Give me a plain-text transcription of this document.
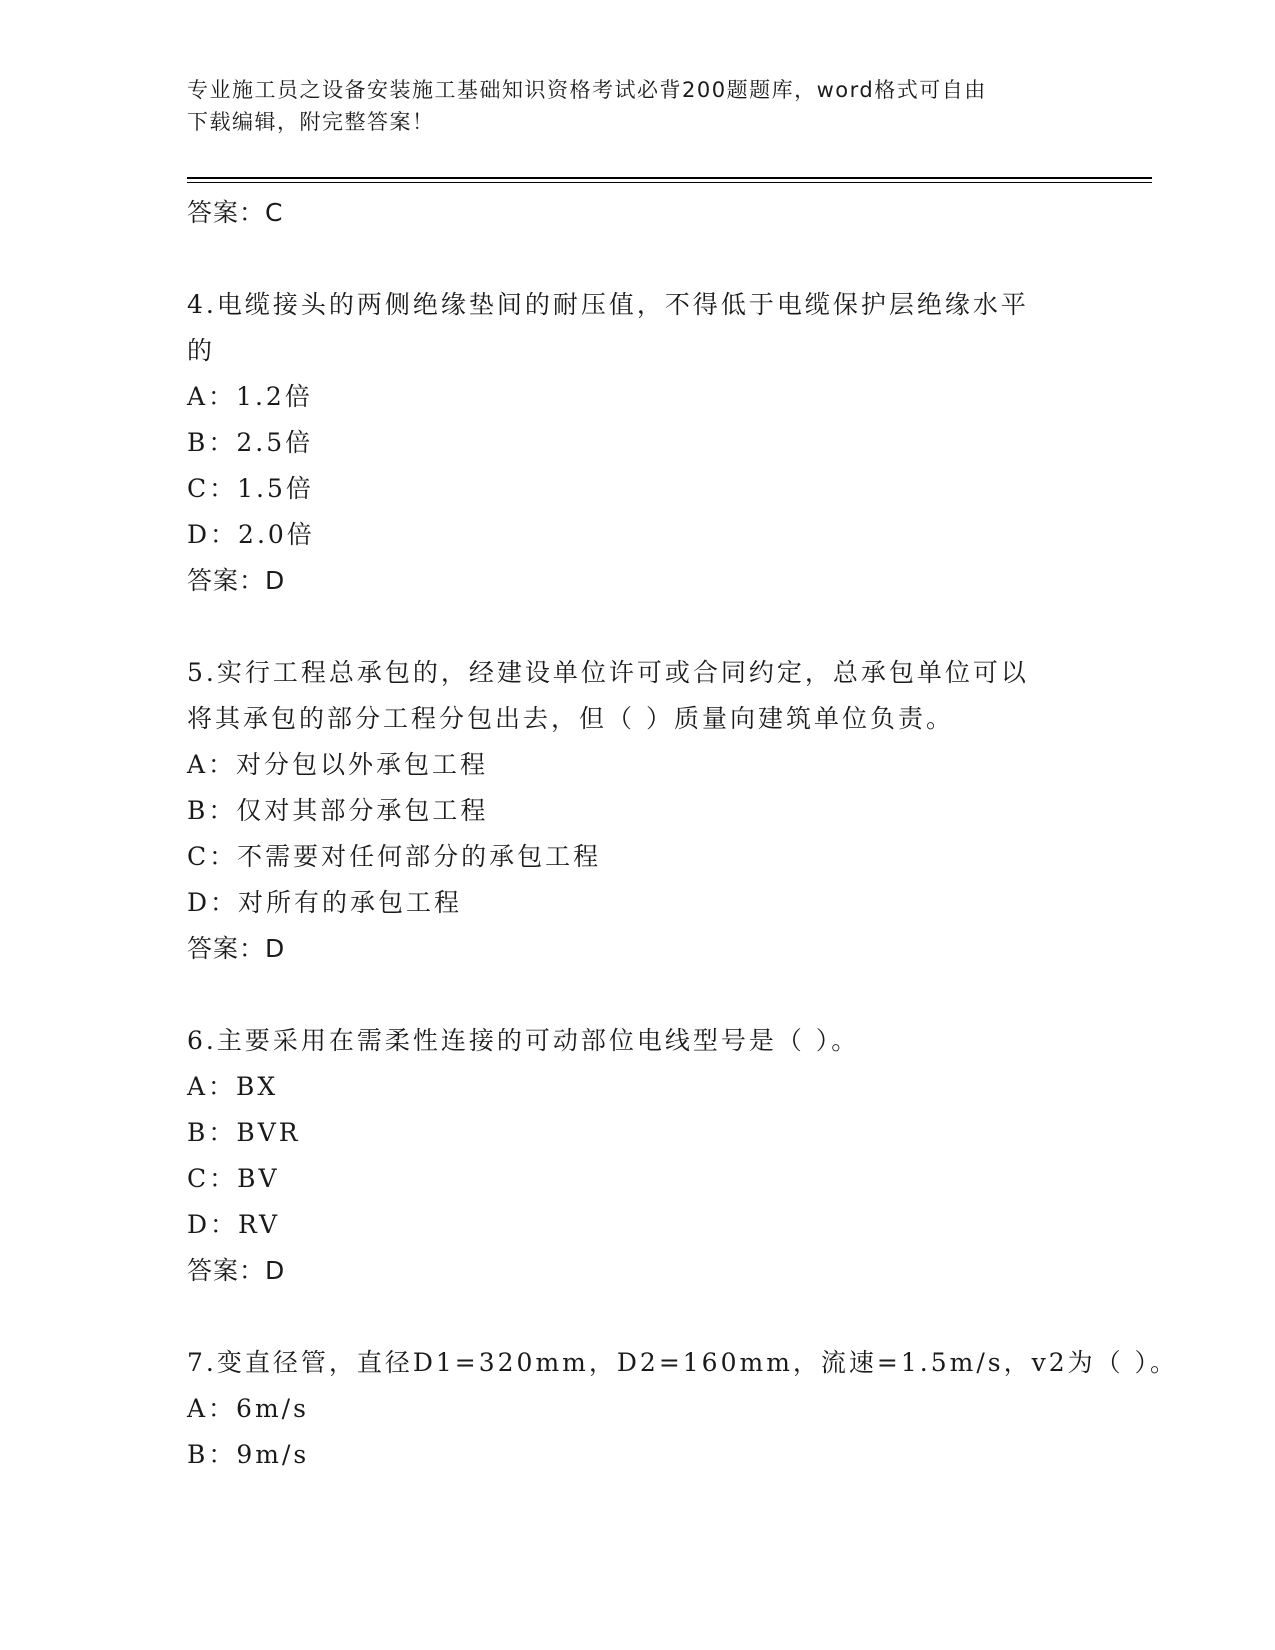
专业施工员之设备安装施工基础知识资格考试必背200题题库，word格式可自由
下载编辑，附完整答案！
答案：C
4.电缆接头的两侧绝缘垫间的耐压值，不得低于电缆保护层绝缘水平
的
A：1.2倍
B：2.5倍
C：1.5倍
D：2.0倍
答案：D
5.实行工程总承包的，经建设单位许可或合同约定，总承包单位可以
将其承包的部分工程分包出去，但（ ）质量向建筑单位负责。
A：对分包以外承包工程
B：仅对其部分承包工程
C：不需要对任何部分的承包工程
D：对所有的承包工程
答案：D
6.主要采用在需柔性连接的可动部位电线型号是（ ）。
A：BX
B：BVR
C：BV
D：RV
答案：D
7.变直径管，直径D1=320mm，D2=160mm，流速=1.5m/s，v2为（ ）。
A：6m/s
B：9m/s
